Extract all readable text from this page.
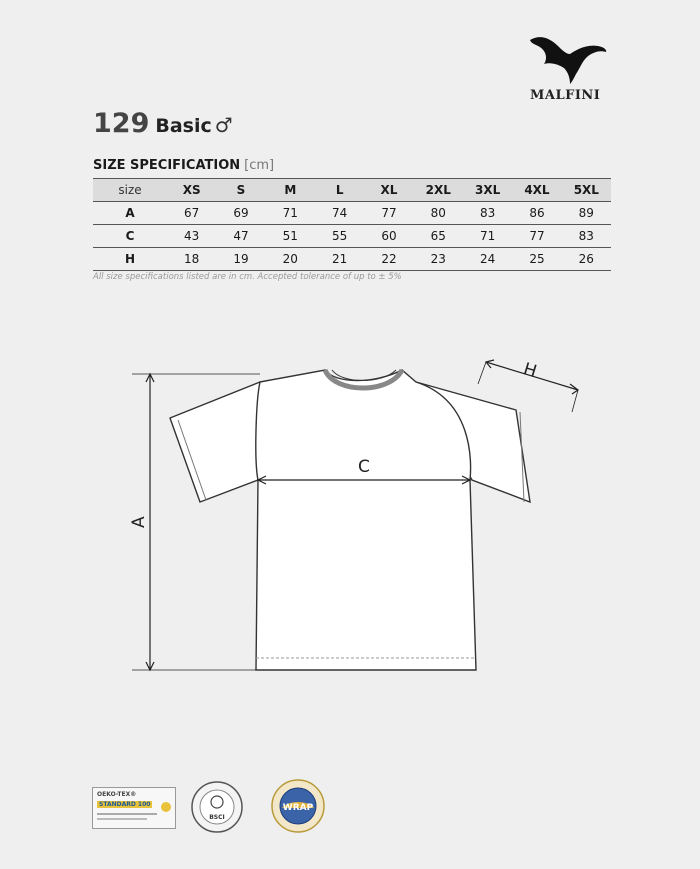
MALFINI
129 Basic ♂
SIZE SPECIFICATION [cm]
size	XS	S	M	L	XL	2XL	3XL	4XL	5XL
A	67	69	71	74	77	80	83	86	89
C	43	47	51	55	60	65	71	77	83
H	18	19	20	21	22	23	24	25	26
All size specifications listed are in cm. Accepted tolerance of up to ± 5%
A
C
H
OEKO-TEX®
STANDARD 100
BSCI
WRAP
